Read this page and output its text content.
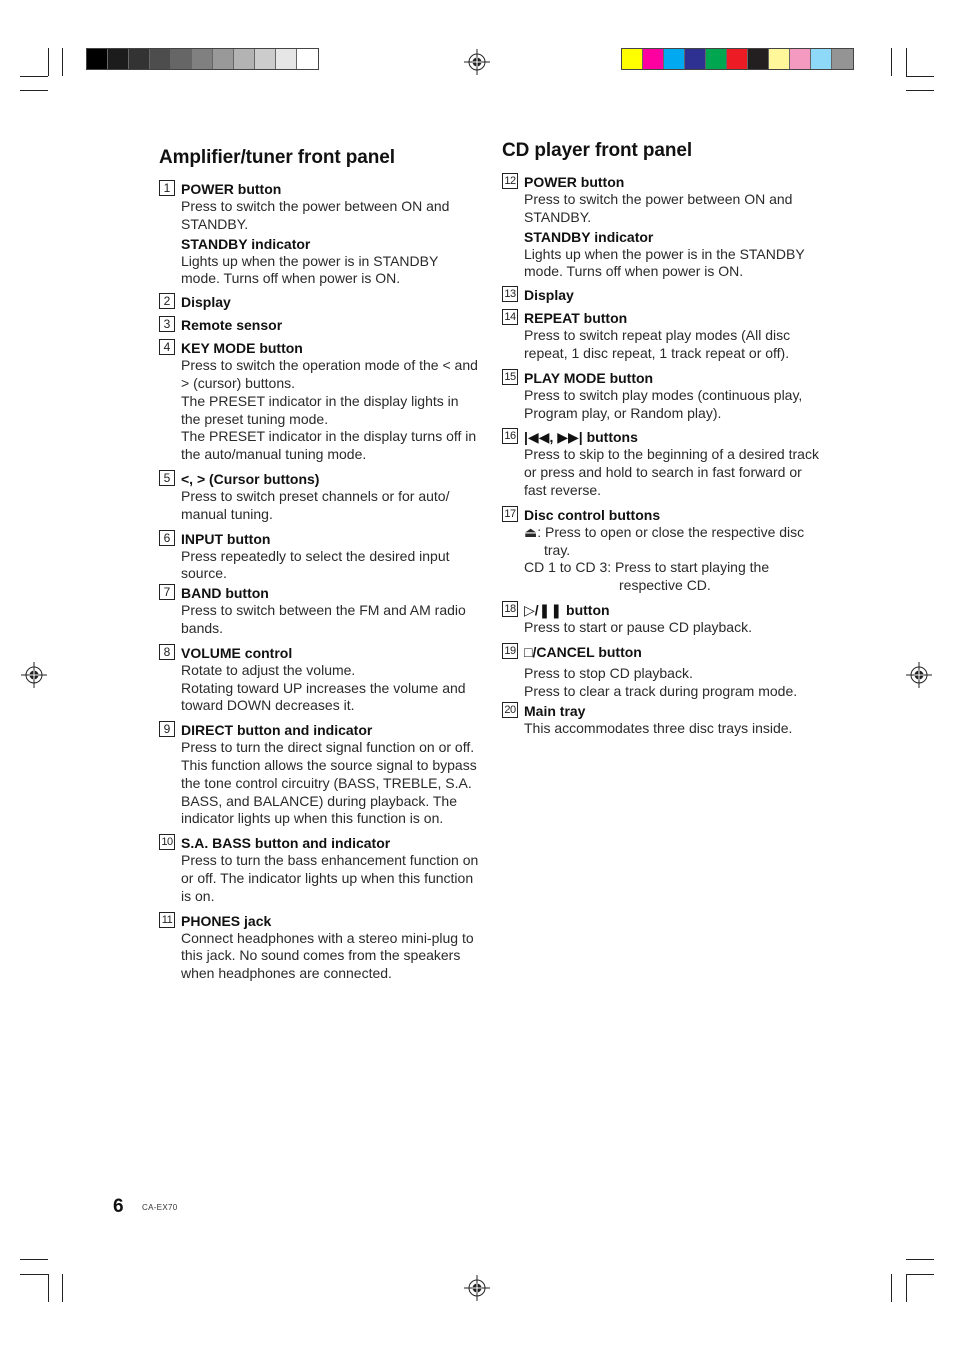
Amplifier/tuner front panel
1 POWER button
Press to switch the power between ON and STANDBY.
STANDBY indicator
Lights up when the power is in STANDBY mode. Turns off when power is ON.
2 Display
3 Remote sensor
4 KEY MODE button
Press to switch the operation mode of the < and > (cursor) buttons.
The PRESET indicator in the display lights in the preset tuning mode.
The PRESET indicator in the display turns off in the auto/manual tuning mode.
5 <, > (Cursor buttons)
Press to switch preset channels or for auto/ manual tuning.
6 INPUT button
Press repeatedly to select the desired input source.
7 BAND button
Press to switch between the FM and AM radio bands.
8 VOLUME control
Rotate to adjust the volume.
Rotating toward UP increases the volume and toward DOWN decreases it.
9 DIRECT button and indicator
Press to turn the direct signal function on or off. This function allows the source signal to bypass the tone control circuitry (BASS, TREBLE, S.A. BASS, and BALANCE) during playback. The indicator lights up when this function is on.
10 S.A. BASS button and indicator
Press to turn the bass enhancement function on or off. The indicator lights up when this function is on.
11 PHONES jack
Connect headphones with a stereo mini-plug to this jack. No sound comes from the speakers when headphones are connected.
CD player front panel
12 POWER button
Press to switch the power between ON and STANDBY.
STANDBY indicator
Lights up when the power is in the STANDBY mode. Turns off when power is ON.
13 Display
14 REPEAT button
Press to switch repeat play modes (All disc repeat, 1 disc repeat, 1 track repeat or off).
15 PLAY MODE button
Press to switch play modes (continuous play, Program play, or Random play).
16 |◀◀, ▶▶| buttons
Press to skip to the beginning of a desired track or press and hold to search in fast forward or fast reverse.
17 Disc control buttons
⏏: Press to open or close the respective disc tray.
CD 1 to CD 3: Press to start playing the respective CD.
18 ▷/❚❚ button
Press to start or pause CD playback.
19 □/CANCEL button
Press to stop CD playback.
Press to clear a track during program mode.
20 Main tray
This accommodates three disc trays inside.
6 CA-EX70
